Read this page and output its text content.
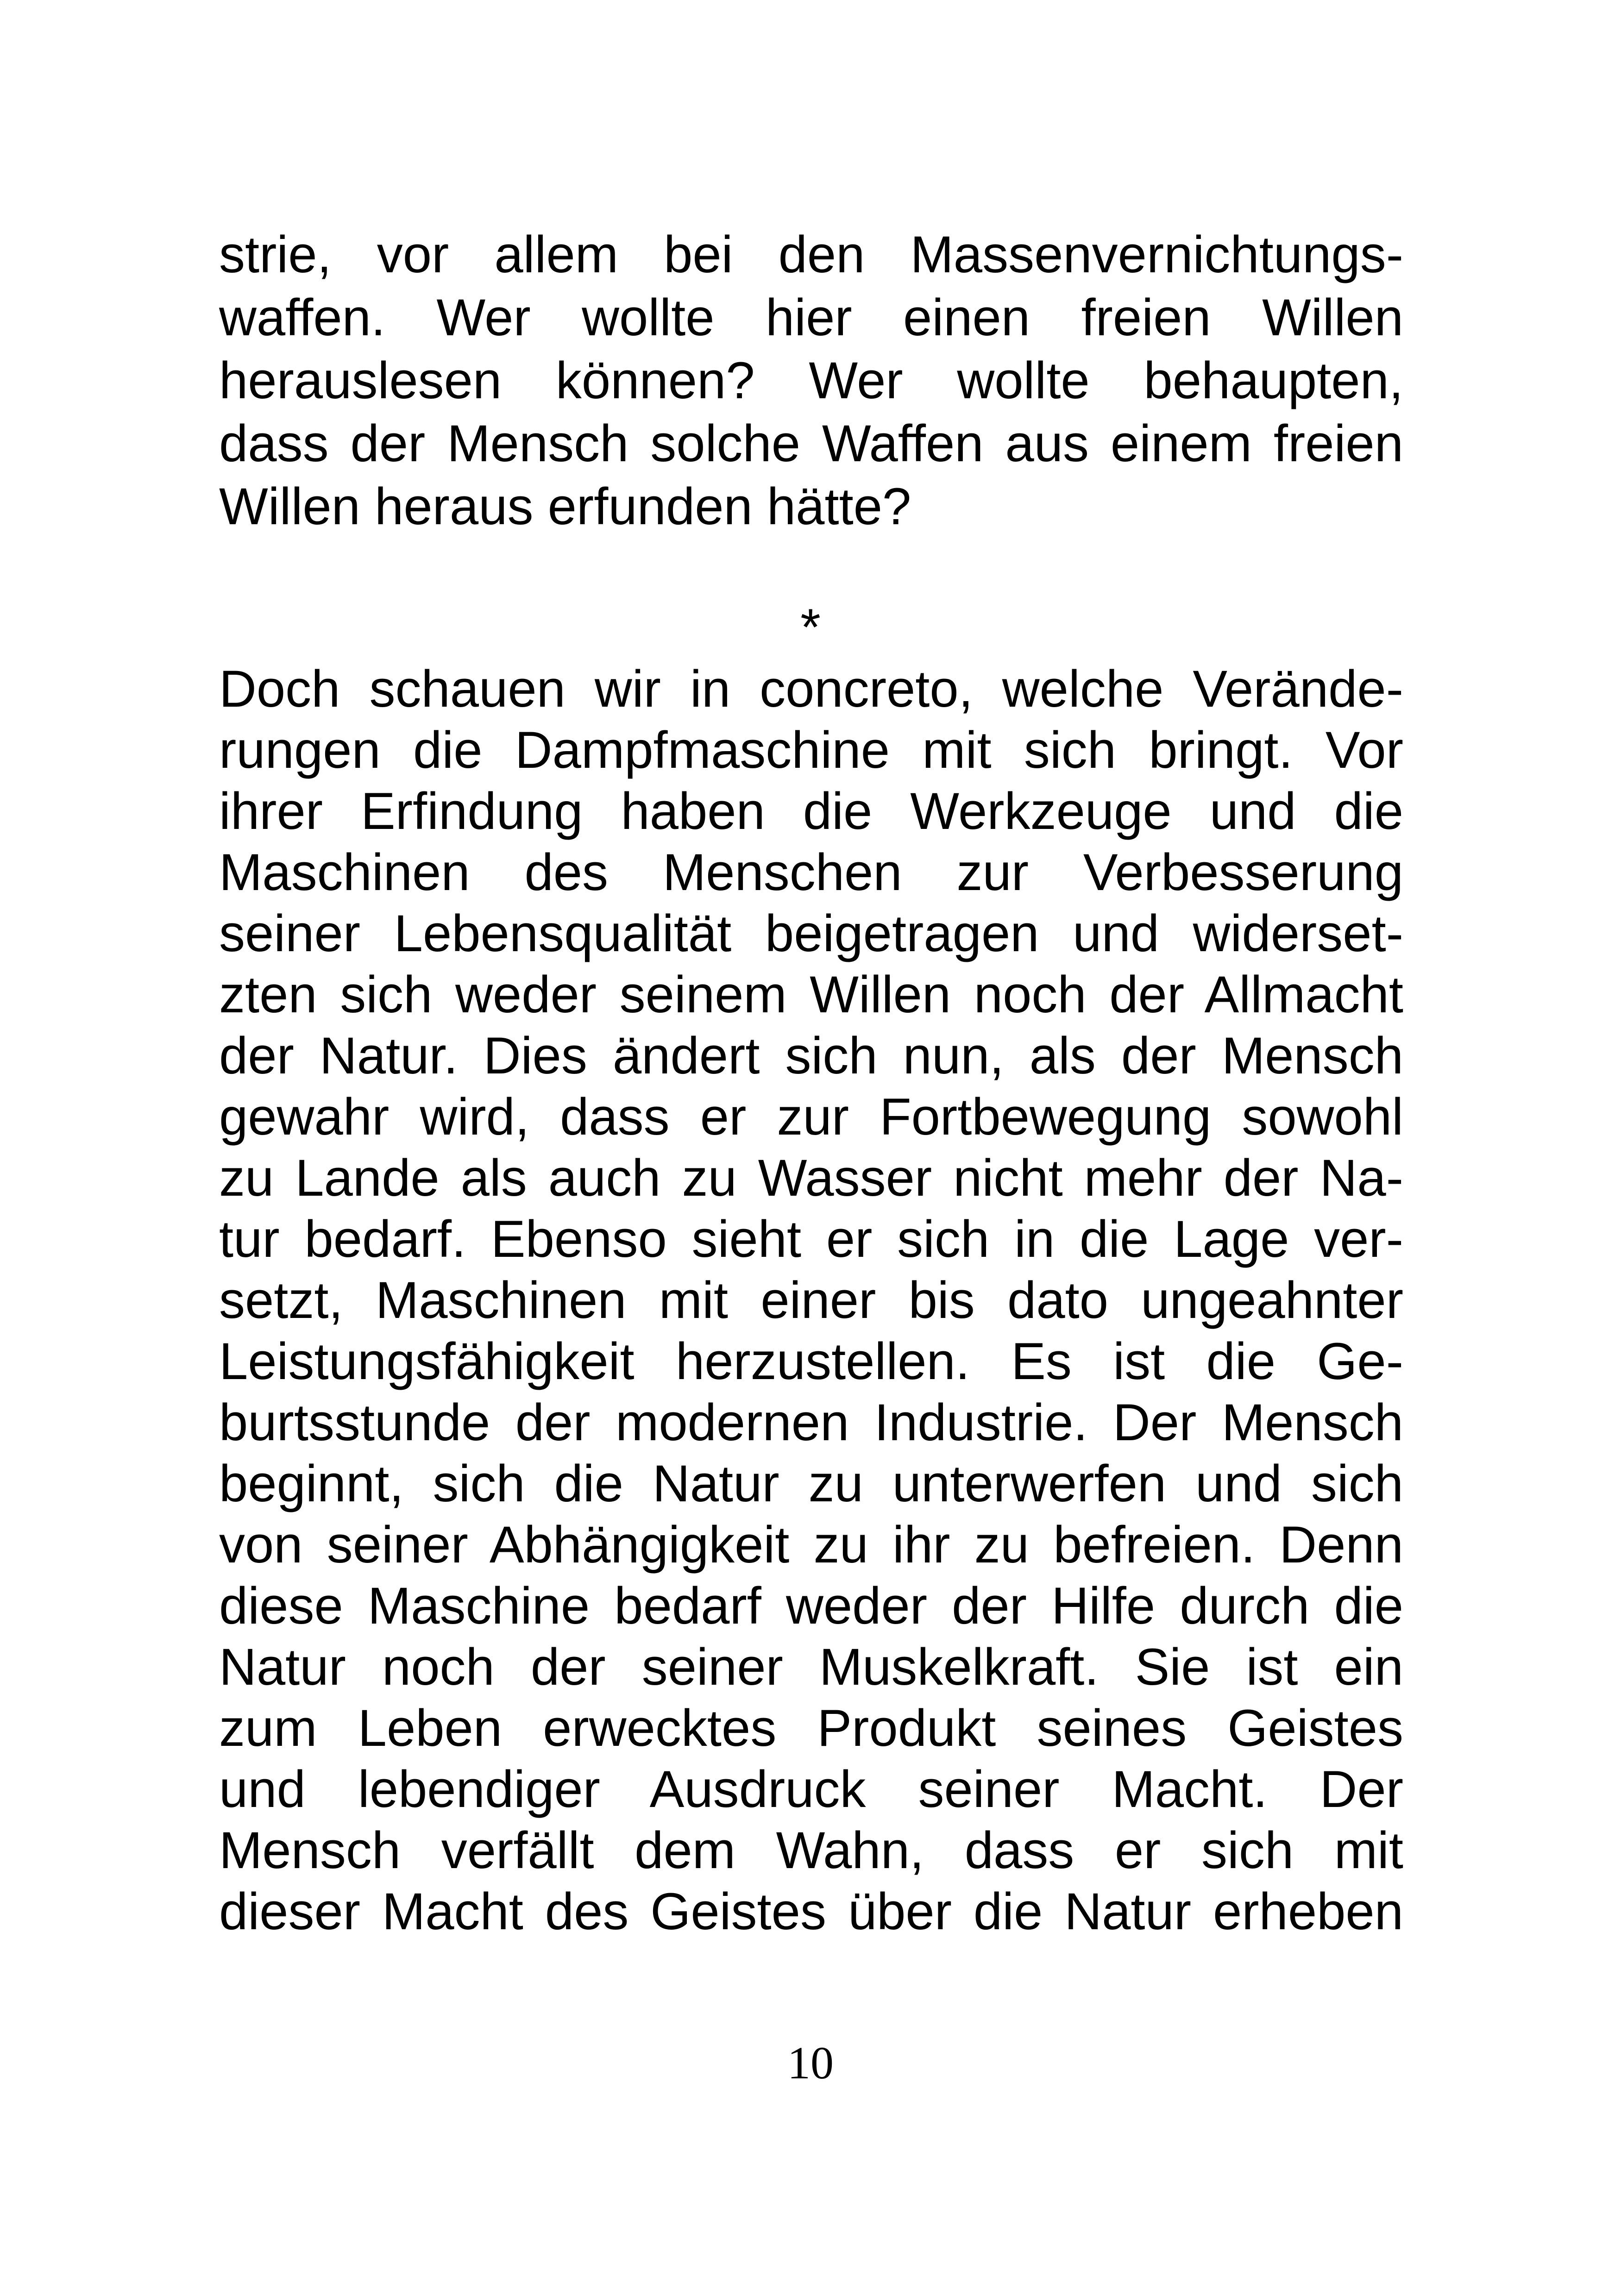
strie, vor allem bei den Massenvernichtungs-
waffen. Wer wollte hier einen freien Willen
herauslesen können? Wer wollte behaupten,
dass der Mensch solche Waffen aus einem freien
Willen heraus erfunden hätte?
*
Doch schauen wir in concreto, welche Verände-
rungen die Dampfmaschine mit sich bringt. Vor
ihrer Erfindung haben die Werkzeuge und die
Maschinen des Menschen zur Verbesserung
seiner Lebensqualität beigetragen und widerset-
zten sich weder seinem Willen noch der Allmacht
der Natur. Dies ändert sich nun, als der Mensch
gewahr wird, dass er zur Fortbewegung sowohl
zu Lande als auch zu Wasser nicht mehr der Na-
tur bedarf. Ebenso sieht er sich in die Lage ver-
setzt, Maschinen mit einer bis dato ungeahnter
Leistungsfähigkeit herzustellen. Es ist die Ge-
burtsstunde der modernen Industrie. Der Mensch
beginnt, sich die Natur zu unterwerfen und sich
von seiner Abhängigkeit zu ihr zu befreien. Denn
diese Maschine bedarf weder der Hilfe durch die
Natur noch der seiner Muskelkraft. Sie ist ein
zum Leben erwecktes Produkt seines Geistes
und lebendiger Ausdruck seiner Macht. Der
Mensch verfällt dem Wahn, dass er sich mit
dieser Macht des Geistes über die Natur erheben
10
